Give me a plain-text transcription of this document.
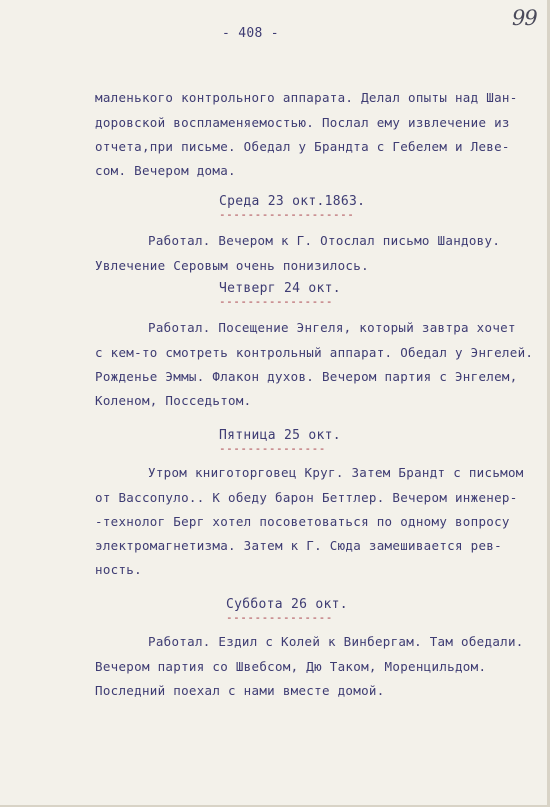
- 408 -
99
маленького контрольного аппарата. Делал опыты над Шан-
доровской воспламеняемостью. Послал ему извлечение из
отчета,при письме. Обедал у Брандта с Гебелем и Леве-
сом. Вечером дома.
Среда 23 окт.1863.
-------------------
Работал. Вечером к Г. Отослал письмо Шандову.
Увлечение Серовым очень понизилось.
Четверг 24 окт.
----------------
Работал. Посещение Энгеля, который завтра хочет
с кем-то смотреть контрольный аппарат. Обедал у Энгелей.
Рожденье Эммы. Флакон духов. Вечером партия с Энгелем,
Коленом, Посседьтом.
Пятница 25 окт.
---------------
Утром книготорговец Круг. Затем Брандт с письмом
от Вассопуло.. К обеду барон Беттлер. Вечером инженер-
-технолог Берг хотел посоветоваться по одному вопросу
электромагнетизма. Затем к Г. Сюда замешивается рев-
ность.
Суббота 26 окт.
---------------
Работал. Ездил с Колей к Винбергам. Там обедали.
Вечером партия со Швебсом, Дю Таком, Моренцильдом.
Последний поехал с нами вместе домой.
